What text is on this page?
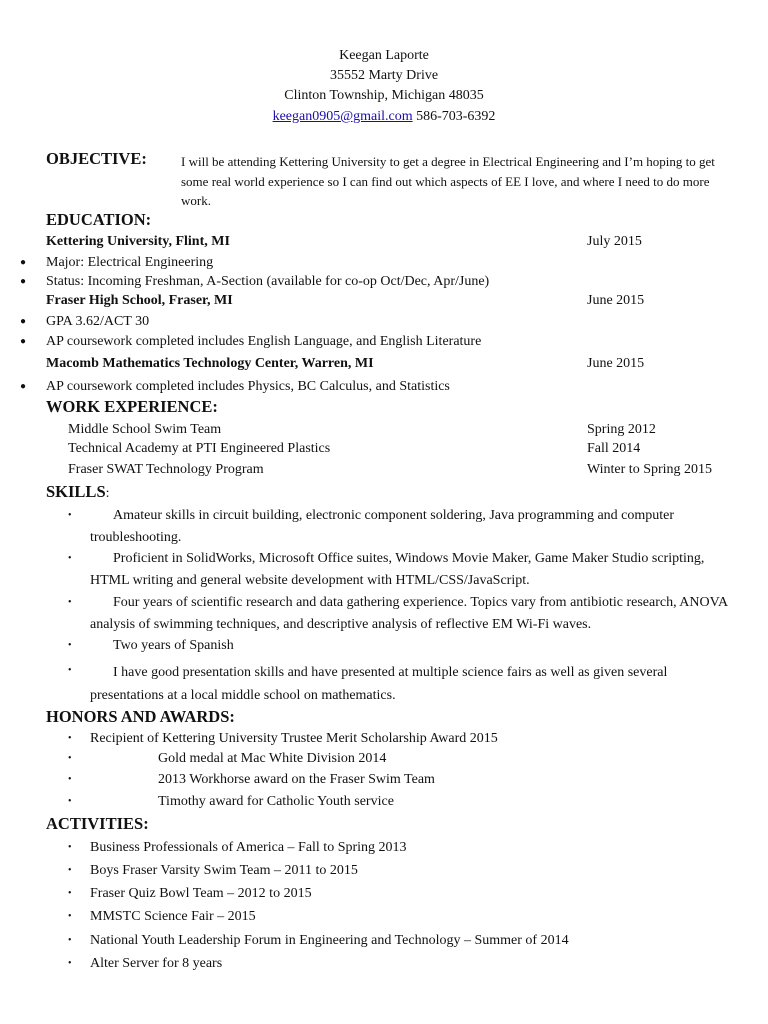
Keegan Laporte
35552 Marty Drive
Clinton Township, Michigan 48035
keegan0905@gmail.com 586-703-6392
OBJECTIVE:	I will be attending Kettering University to get a degree in Electrical Engineering and I’m hoping to get some real world experience so I can find out which aspects of EE I love, and where I need to do more work.
EDUCATION:
Kettering University, Flint, MI	July 2015
● Major: Electrical Engineering
● Status: Incoming Freshman, A-Section (available for co-op Oct/Dec, Apr/June)
Fraser High School, Fraser, MI	June 2015
● GPA 3.62/ACT 30
● AP coursework completed includes English Language, and English Literature
Macomb Mathematics Technology Center, Warren, MI	June 2015
● AP coursework completed includes Physics, BC Calculus, and Statistics
WORK EXPERIENCE:
Middle School Swim Team	Spring 2012
Technical Academy at PTI Engineered Plastics	Fall 2014
Fraser SWAT Technology Program	Winter to Spring 2015
SKILLS:
•	Amateur skills in circuit building, electronic component soldering, Java programming and computer troubleshooting.
•	Proficient in SolidWorks, Microsoft Office suites, Windows Movie Maker, Game Maker Studio scripting, HTML writing and general website development with HTML/CSS/JavaScript.
•	Four years of scientific research and data gathering experience. Topics vary from antibiotic research, ANOVA analysis of swimming techniques, and descriptive analysis of reflective EM Wi-Fi waves.
•	Two years of Spanish
•	I have good presentation skills and have presented at multiple science fairs as well as given several presentations at a local middle school on mathematics.
HONORS AND AWARDS:
• Recipient of Kettering University Trustee Merit Scholarship Award 2015
•	Gold medal at Mac White Division 2014
•	2013 Workhorse award on the Fraser Swim Team
•	Timothy award for Catholic Youth service
ACTIVITIES:
• Business Professionals of America – Fall to Spring 2013
• Boys Fraser Varsity Swim Team – 2011 to 2015
• Fraser Quiz Bowl Team – 2012 to 2015
• MMSTC Science Fair – 2015
• National Youth Leadership Forum in Engineering and Technology – Summer of 2014
• Alter Server for 8 years
